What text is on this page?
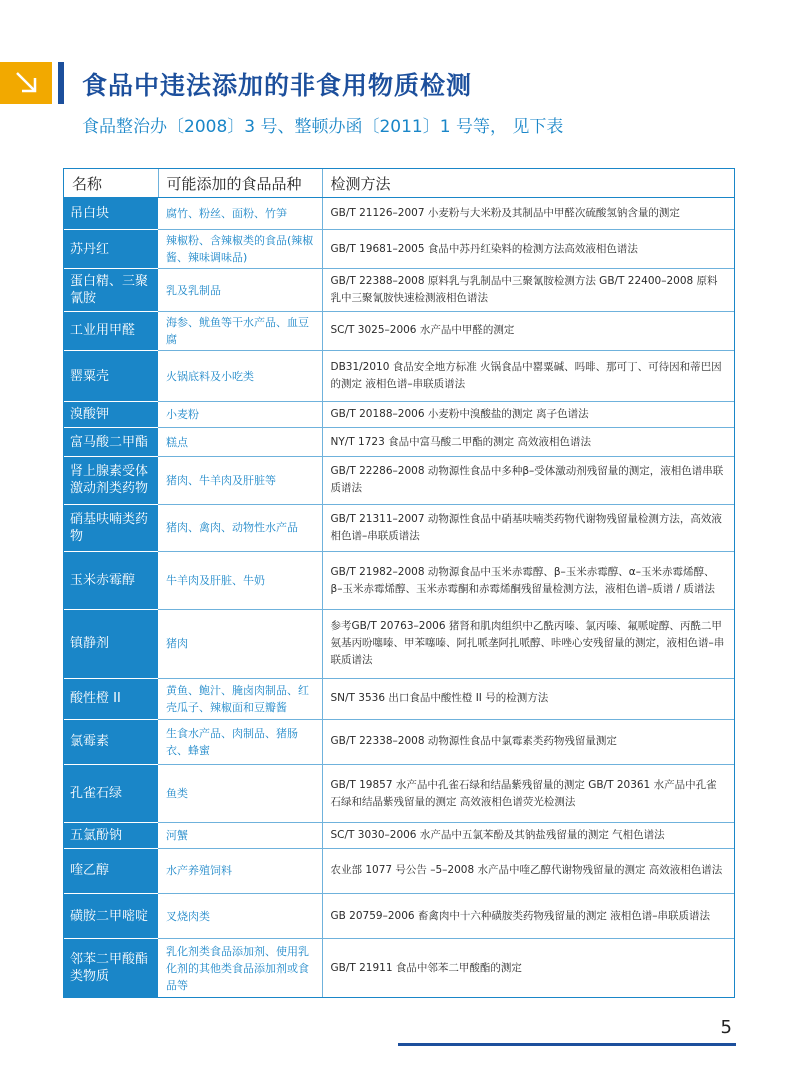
食品中违法添加的非食用物质检测
食品整治办〔2008〕3 号、整顿办函〔2011〕1 号等， 见下表
名称	可能添加的食品品种	检测方法
吊白块	腐竹、粉丝、面粉、竹笋	GB/T 21126–2007 小麦粉与大米粉及其制品中甲醛次硫酸氢钠含量的测定
苏丹红	辣椒粉、含辣椒类的食品(辣椒酱、辣味调味品)	GB/T 19681–2005 食品中苏丹红染料的检测方法高效液相色谱法
蛋白精、三聚氰胺	乳及乳制品	GB/T 22388–2008 原料乳与乳制品中三聚氰胺检测方法 GB/T 22400–2008 原料乳中三聚氰胺快速检测液相色谱法
工业用甲醛	海参、鱿鱼等干水产品、血豆腐	SC/T 3025–2006 水产品中甲醛的测定
罂粟壳	火锅底料及小吃类	DB31/2010 食品安全地方标准 火锅食品中罂粟碱、吗啡、那可丁、可待因和蒂巴因的测定 液相色谱–串联质谱法
溴酸钾	小麦粉	GB/T 20188–2006 小麦粉中溴酸盐的测定 离子色谱法
富马酸二甲酯	糕点	NY/T 1723 食品中富马酸二甲酯的测定 高效液相色谱法
肾上腺素受体激动剂类药物	猪肉、牛羊肉及肝脏等	GB/T 22286–2008 动物源性食品中多种β–受体激动剂残留量的测定，液相色谱串联质谱法
硝基呋喃类药物	猪肉、禽肉、动物性水产品	GB/T 21311–2007 动物源性食品中硝基呋喃类药物代谢物残留量检测方法，高效液相色谱–串联质谱法
玉米赤霉醇	牛羊肉及肝脏、牛奶	GB/T 21982–2008 动物源食品中玉米赤霉醇、β–玉米赤霉醇、α–玉米赤霉烯醇、β–玉米赤霉烯醇、玉米赤霉酮和赤霉烯酮残留量检测方法，液相色谱–质谱 / 质谱法
镇静剂	猪肉	参考GB/T 20763–2006 猪肾和肌肉组织中乙酰丙嗪、氯丙嗪、氟哌啶醇、丙酰二甲氨基丙吩噻嗪、甲苯噻嗪、阿扎哌垄阿扎哌醇、咔唑心安残留量的测定，液相色谱–串联质谱法
酸性橙 II	黄鱼、鲍汁、腌卤肉制品、红壳瓜子、辣椒面和豆瓣酱	SN/T 3536 出口食品中酸性橙 II 号的检测方法
氯霉素	生食水产品、肉制品、猪肠衣、蜂蜜	GB/T 22338–2008 动物源性食品中氯霉素类药物残留量测定
孔雀石绿	鱼类	GB/T 19857 水产品中孔雀石绿和结晶紫残留量的测定 GB/T 20361 水产品中孔雀石绿和结晶紫残留量的测定 高效液相色谱荧光检测法
五氯酚钠	河蟹	SC/T 3030–2006 水产品中五氯苯酚及其钠盐残留量的测定 气相色谱法
喹乙醇	水产养殖饲料	农业部 1077 号公告 –5–2008 水产品中喹乙醇代谢物残留量的测定 高效液相色谱法
磺胺二甲嘧啶	叉烧肉类	GB 20759–2006 畜禽肉中十六种磺胺类药物残留量的测定 液相色谱–串联质谱法
邻苯二甲酸酯类物质	乳化剂类食品添加剂、使用乳化剂的其他类食品添加剂或食品等	GB/T 21911 食品中邻苯二甲酸酯的测定
5
